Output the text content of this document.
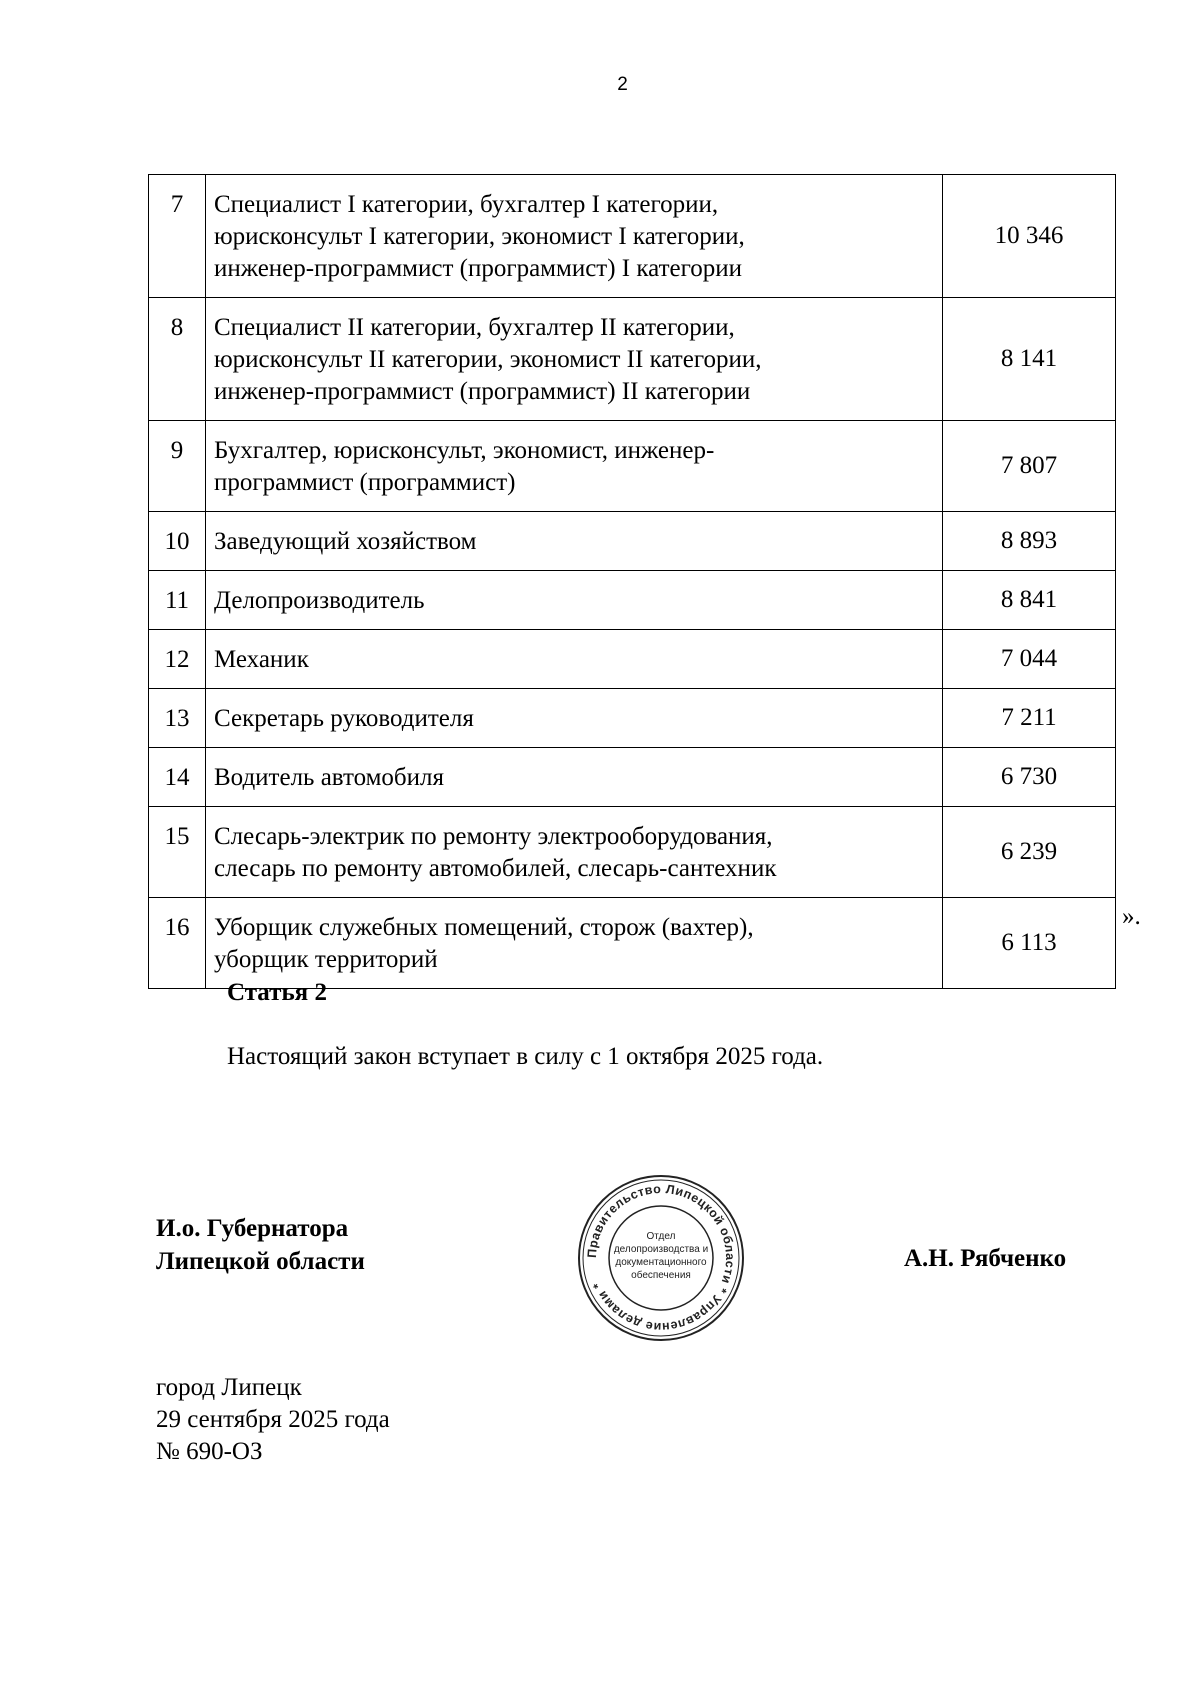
2
7	Специалист I категории, бухгалтер I категории,
юрисконсульт I категории, экономист I категории,
инженер-программист (программист) I категории	10 346
8	Специалист II категории, бухгалтер II категории,
юрисконсульт II категории, экономист II категории,
инженер-программист (программист) II категории	8 141
9	Бухгалтер, юрисконсульт, экономист, инженер-
программист (программист)	7 807
10	Заведующий хозяйством	8 893
11	Делопроизводитель	8 841
12	Механик	7 044
13	Секретарь руководителя	7 211
14	Водитель автомобиля	6 730
15	Слесарь-электрик по ремонту электрооборудования,
слесарь по ремонту автомобилей, слесарь-сантехник	6 239
16	Уборщик служебных помещений, сторож (вахтер),
уборщик территорий	6 113
».
Статья 2
Настоящий закон вступает в силу с 1 октября 2025 года.
И.о. Губернатора
Липецкой области	Правительство Липецкой области * Управление делами *
Отдел
делопроизводства и
документационного
обеспечения
А.Н. Рябченко
город Липецк
29 сентября 2025 года
№ 690-ОЗ
